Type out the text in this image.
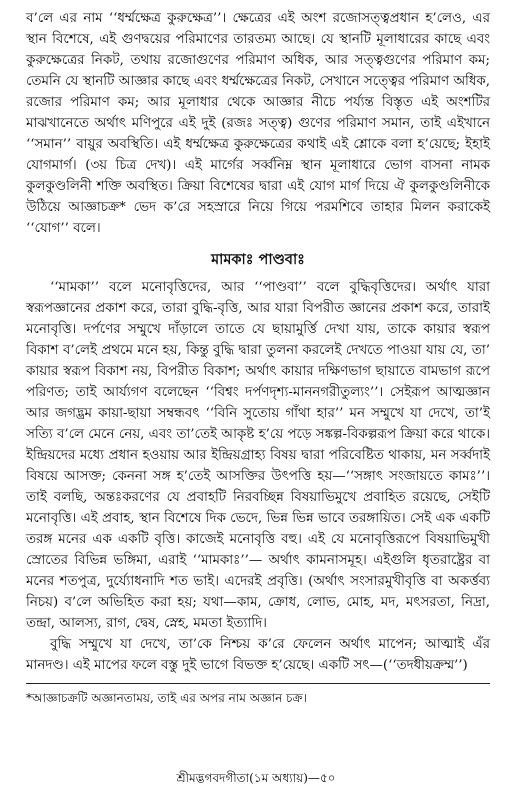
ব’লে এর নাম ‘‘ধর্ম্মক্ষেত্র কুরুক্ষেত্র’’। ক্ষেত্রের এই অংশ রজোসত্ত্বপ্রধান হ’লেও, এর স্থান বিশেষে, এই গুণদ্বয়ের পরিমাণের তারতম্য আছে। যে স্থানটি মূলাধারের কাছে এবং কুরুক্ষেত্রের নিকট, তথায় রজোগুণের পরিমাণ অধিক, আর সত্ত্বগুণের পরিমাণ কম; তেমনি যে স্থানটি আজ্ঞার কাছে এবং ধর্ম্মক্ষেত্রের নিকট, সেখানে সত্ত্বের পরিমাণ অধিক, রজোর পরিমাণ কম; আর মূলাধার থেকে আজ্ঞার নীচে পর্য্যন্ত বিস্তৃত এই অংশটির মাঝখানেতে অর্থাৎ মণিপুরে এই দুই (রজঃ সত্ত্ব) গুণের পরিমাণ সমান, তাই এইখানে ‘‘সমান’’ বায়ুর অবস্থিতি। এই ধর্ম্মক্ষেত্র কুরুক্ষেত্রের কথাই এই শ্লোকে বলা হ’য়েছে; ইহাই যোগমার্গ। (৩য় চিত্র দেখ)। এই মার্গের সর্ব্বনিম্ন স্থান মূলাধারে ভোগ বাসনা নামক কুলকুণ্ডলিনী শক্তি অবস্থিত। ক্রিয়া বিশেষের দ্বারা এই যোগ মার্গ দিয়ে ঐ কুলকুণ্ডলিনীকে উঠিয়ে আজ্ঞাচক্র* ভেদ ক’রে সহস্রারে নিয়ে গিয়ে পরমশিবে তাহার মিলন করাকেই ‘‘যোগ’’ বলে।

মামকাঃ পাণ্ডবাঃ

‘‘মামকা’’ বলে মনোবৃত্তিদের, আর ‘‘পাণ্ডবা’’ বলে বুদ্ধিবৃত্তিদের। অর্থাৎ যারা স্বরূপজ্ঞানের প্রকাশ করে, তারা বুদ্ধি-বৃত্তি, আর যারা বিপরীত জ্ঞানের প্রকাশ করে, তারাই মনোবৃত্তি। দর্পণের সম্মুখে দাঁড়ালে তাতে যে ছায়ামুর্ত্তি দেখা যায়, তাকে কায়ার স্বরূপ বিকাশ ব’লেই প্রথমে মনে হয়, কিন্তু বুদ্ধি দ্বারা তুলনা করলেই দেখতে পাওয়া যায় যে, তা’ কায়ার স্বরূপ বিকাশ নয়, বিপরীত বিকাশ; অর্থাৎ কায়ার দক্ষিণভাগ ছায়াতে বামভাগ রূপে পরিণত; তাই আর্য্যগণ বলেছেন ‘‘বিশ্বং দর্পণদৃশ্য-মাননগরীতুল্যং’’। সেইরূপ আত্মজ্ঞান আর জগদ্ভ্রম কায়া-ছায়া সম্বন্ধবৎ ‘‘বিনি সুতোয় গাঁথা হার’’ মন সম্মুখে যা দেখে, তা’ই সত্যি ব’লে মেনে নেয়, এবং তা’তেই আকৃষ্ট হ’য়ে পড়ে সঙ্কল্প-বিকল্পরূপ ক্রিয়া করে থাকে। ইন্দ্রিয়দের মধ্যে প্রধান হওয়ায় আর ইন্দ্রিয়গ্রাহ্য বিষয় দ্বারা পরিবেষ্টিত থাকায়, মন সর্ব্বদাই বিষয়ে আসক্ত; কেননা সঙ্গ হ’তেই আসক্তির উৎপত্তি হয়—‘‘সঙ্গাৎ সংজায়তে কামঃ’’।তাই বলছি, অন্তঃকরণের যে প্রবাহটি নিরবচ্ছিন্ন বিষয়াভিমুখে প্রবাহিত রয়েছে, সেইটি মনোবৃত্তি। এই প্রবাহ, স্থান বিশেষে দিক ভেদে, ভিন্ন ভিন্ন ভাবে তরঙ্গায়িত। সেই এক একটি তরঙ্গ মনের এক একটি বৃত্তি। কাজেই মনোবৃত্তি বহু। এই যে মনোবৃত্তিরূপে বিষয়াভিমুখী স্রোতের বিভিন্ন ভঙ্গিমা, এরাই ‘‘মামকাঃ’’— অর্থাৎ কামনাসমূহ। এইগুলি ধৃতরাষ্ট্রের বা মনের শতপুত্র, দুর্য্যোধনাদি শত ভাই। এদেরই প্রবৃত্তি। (অর্থাৎ সংসারমুখীবৃত্তি বা অকর্ত্তব্য নিচয়) ব’লে অভিহিত করা হয়; যথা—কাম, ক্রোধ, লোভ, মোহ, মদ, মৎসরতা, নিদ্রা, তন্দ্রা, আলস্য, রাগ, দ্বেষ, স্নেহ, মমতা ইত্যাদি।

বুদ্ধি সম্মুখে যা দেখে, তা’কে নিশ্চয় ক’রে ফেলেন অর্থাৎ মাপেন; আত্মাই এঁর মানদণ্ড। এই মাপের ফলে বস্তু দুই ভাগে বিভক্ত হ’য়েছে। একটি সৎ—(‘‘তদধীয়ক্রম্ম’’)

*আজ্ঞাচক্রটি অজ্ঞানতাময়, তাই এর অপর নাম অজ্ঞান চক্র।

শ্রীমদ্ভগবদগীতা(১ম অধ্যায়)—৫০
